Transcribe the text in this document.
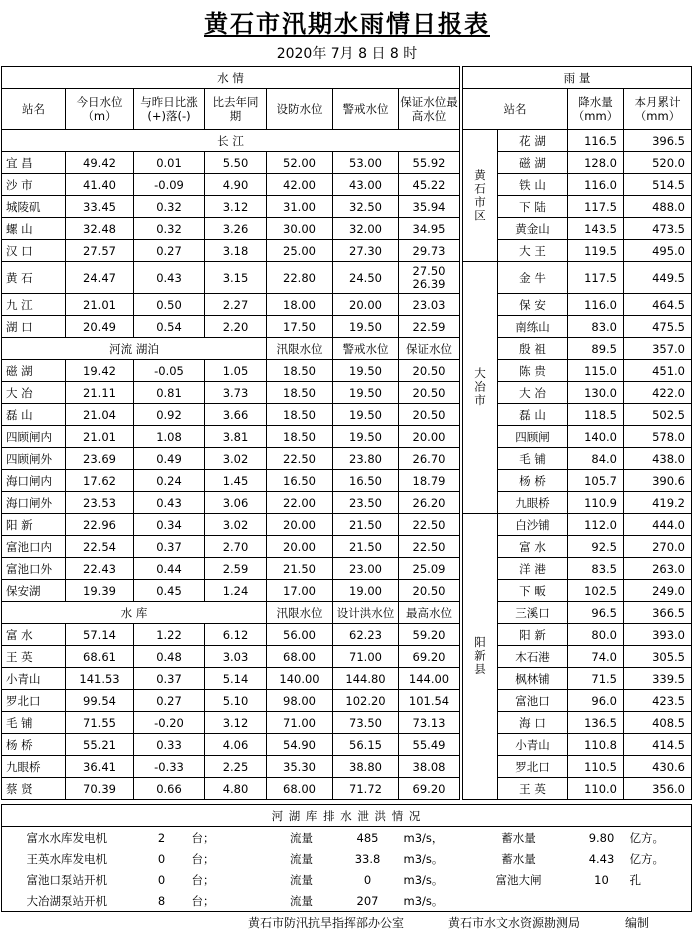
黄石市汛期水雨情日报表
2020年 7月 8 日 8 时
水 情						
站名	今日水位（m）	与昨日比涨(+)落(-)	比去年同 期	设防水位	警戒水位	保证水位最高水位
长 江						
宜 昌	49.42	0.01	5.50	52.00	53.00	55.92
沙 市	41.40	-0.09	4.90	42.00	43.00	45.22
城陵矶	33.45	0.32	3.12	31.00	32.50	35.94
螺 山	32.48	0.32	3.26	30.00	32.00	34.95
汉 口	27.57	0.27	3.18	25.00	27.30	29.73
黄 石	24.47	0.43	3.15	22.80	24.50	27.50
26.39

九 江	21.01	0.50	2.27	18.00	20.00	23.03
湖 口	20.49	0.54	2.20	17.50	19.50	22.59
河流 湖泊				汛限水位	警戒水位	保证水位
磁 湖	19.42	-0.05	1.05	18.50	19.50	20.50
大 冶	21.11	0.81	3.73	18.50	19.50	20.50
磊 山	21.04	0.92	3.66	18.50	19.50	20.50
四顾闸内	21.01	1.08	3.81	18.50	19.50	20.00
四顾闸外	23.69	0.49	3.02	22.50	23.80	26.70
海口闸内	17.62	0.24	1.45	16.50	16.50	18.79
海口闸外	23.53	0.43	3.06	22.00	23.50	26.20
阳 新	22.96	0.34	3.02	20.00	21.50	22.50
富池口内	22.54	0.37	2.70	20.00	21.50	22.50
富池口外	22.43	0.44	2.59	21.50	23.00	25.09
保安湖	19.39	0.45	1.24	17.00	19.00	20.50
水 库				汛限水位	设计洪水位	最高水位
富 水	57.14	1.22	6.12	56.00	62.23	59.20
王 英	68.61	0.48	3.03	68.00	71.00	69.20
小青山	141.53	0.37	5.14	140.00	144.80	144.00
罗北口	99.54	0.27	5.10	98.00	102.20	101.54
毛 铺	71.55	-0.20	3.12	71.00	73.50	73.13
杨 桥	55.21	0.33	4.06	54.90	56.15	55.49
九眼桥	36.41	-0.33	2.25	35.30	38.80	38.08
蔡 贤	70.39	0.66	4.80	68.00	71.72	69.20
雨 量			
站名		降水量（mm）	本月累计（mm）
黄石市区	花 湖	116.5	396.5
	磁 湖	128.0	520.0
	铁 山	116.0	514.5
	下 陆	117.5	488.0
	黄金山	143.5	473.5
	大 王	119.5	495.0
大冶市	金 牛	117.5	449.5
	保 安	116.0	464.5
	南练山	83.0	475.5
	殷 祖	89.5	357.0
	陈 贵	115.0	451.0
	大 冶	130.0	422.0
	磊 山	118.5	502.5
	四顾闸	140.0	578.0
	毛 铺	84.0	438.0
	杨 桥	105.7	390.6
	九眼桥	110.9	419.2
阳新县	白沙铺	112.0	444.0
	富 水	92.5	270.0
	洋 港	83.5	263.0
	下 畈	102.5	249.0
	三溪口	96.5	366.5
	阳 新	80.0	393.0
	木石港	74.0	305.5
	枫林铺	71.5	339.5
	富池口	96.0	423.5
	海 口	136.5	408.5
	小青山	110.8	414.5
	罗北口	110.5	430.6
	王 英	110.0	356.0
河 湖 库 排 水 泄 洪 情 况								
富水水库发电机	2	台；	流量	485	m3/s，	蓄水量	9.80	亿方。
王英水库发电机	0	台；	流量	33.8	m3/s。	蓄水量	4.43	亿方。
富池口泵站开机	0	台；	流量	0	m3/s。	富池大闸	10	孔
大冶湖泵站开机	8	台；	流量	207	m3/s。			
黄石市防汛抗旱指挥部办公室	黄石市水文水资源勘测局	编制
